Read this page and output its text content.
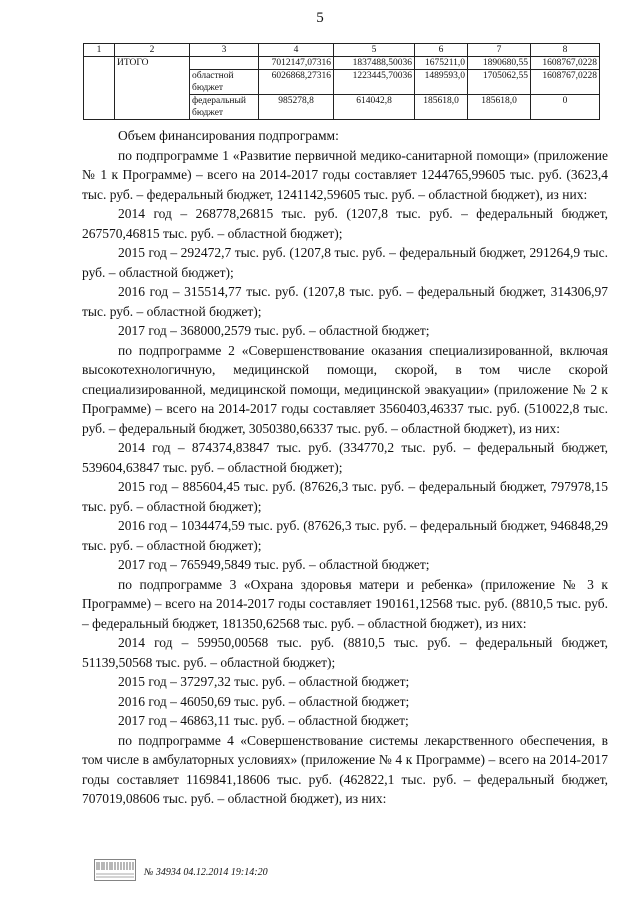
5
1	2	3	4	5	6	7	8
	ИТОГО		7012147,07316	1837488,50036	1675211,0	1890680,55	1608767,0228
		областной бюджет	6026868,27316	1223445,70036	1489593,0	1705062,55	1608767,0228
		федеральный бюджет	985278,8	614042,8	185618,0	185618,0	0

Объем финансирования подпрограмм:

по подпрограмме 1 «Развитие первичной медико-санитарной помощи» (приложение № 1 к Программе) – всего на 2014-2017 годы составляет 1244765,99605 тыс. руб. (3623,4 тыс. руб. – федеральный бюджет, 1241142,59605 тыс. руб. – областной бюджет), из них:

2014 год – 268778,26815 тыс. руб. (1207,8 тыс. руб. – федеральный бюджет, 267570,46815 тыс. руб. – областной бюджет);

2015 год – 292472,7 тыс. руб. (1207,8 тыс. руб. – федеральный бюджет, 291264,9 тыс. руб. – областной бюджет);

2016 год – 315514,77 тыс. руб. (1207,8 тыс. руб. – федеральный бюджет, 314306,97 тыс. руб. – областной бюджет);

2017 год – 368000,2579 тыс. руб. – областной бюджет;

по подпрограмме 2 «Совершенствование оказания специализированной, включая высокотехнологичную, медицинской помощи, скорой, в том числе скорой специализированной, медицинской помощи, медицинской эвакуации» (приложение № 2 к Программе) – всего на 2014-2017 годы составляет 3560403,46337 тыс. руб. (510022,8 тыс. руб. – федеральный бюджет, 3050380,66337 тыс. руб. – областной бюджет), из них:

2014 год – 874374,83847 тыс. руб. (334770,2 тыс. руб. – федеральный бюджет, 539604,63847 тыс. руб. – областной бюджет);

2015 год – 885604,45 тыс. руб. (87626,3 тыс. руб. – федеральный бюджет, 797978,15 тыс. руб. – областной бюджет);

2016 год – 1034474,59 тыс. руб. (87626,3 тыс. руб. – федеральный бюджет, 946848,29 тыс. руб. – областной бюджет);

2017 год – 765949,5849 тыс. руб. – областной бюджет;

по подпрограмме 3 «Охрана здоровья матери и ребенка» (приложение № 3 к Программе) – всего на 2014-2017 годы составляет 190161,12568 тыс. руб. (8810,5 тыс. руб. – федеральный бюджет, 181350,62568 тыс. руб. – областной бюджет), из них:

2014 год – 59950,00568 тыс. руб. (8810,5 тыс. руб. – федеральный бюджет, 51139,50568 тыс. руб. – областной бюджет);

2015 год – 37297,32 тыс. руб. – областной бюджет;

2016 год – 46050,69 тыс. руб. – областной бюджет;

2017 год – 46863,11 тыс. руб. – областной бюджет;

по подпрограмме 4 «Совершенствование системы лекарственного обеспечения, в том числе в амбулаторных условиях» (приложение № 4 к Программе) – всего на 2014-2017 годы составляет 1169841,18606 тыс. руб. (462822,1 тыс. руб. – федеральный бюджет, 707019,08606 тыс. руб. – областной бюджет), из них:

№ 34934 04.12.2014 19:14:20
